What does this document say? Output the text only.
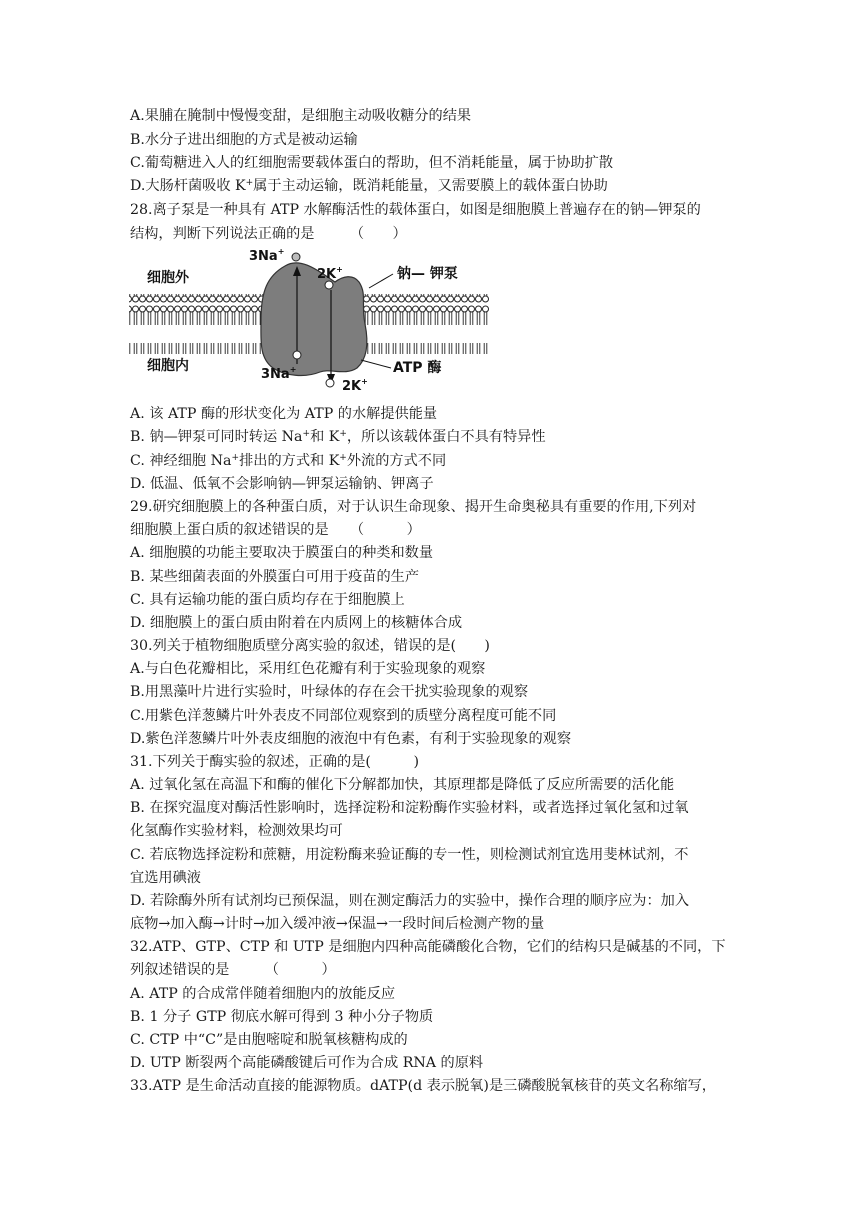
A.果脯在腌制中慢慢变甜，是细胞主动吸收糖分的结果
B.水分子进出细胞的方式是被动运输
C.葡萄糖进入人的红细胞需要载体蛋白的帮助，但不消耗能量，属于协助扩散
D.大肠杆菌吸收 K+属于主动运输，既消耗能量，又需要膜上的载体蛋白协助
28.离子泵是一种具有 ATP 水解酶活性的载体蛋白，如图是细胞膜上普遍存在的钠—钾泵的
结构，判断下列说法正确的是　　　（　　）
3Na+
2K+
细胞外	钠— 钾泵
细胞内	ATP 酶
3Na+
2K+
A. 该 ATP 酶的形状变化为 ATP 的水解提供能量
B. 钠—钾泵可同时转运 Na+和 K+，所以该载体蛋白不具有特异性
C. 神经细胞 Na+排出的方式和 K+外流的方式不同
D. 低温、低氧不会影响钠—钾泵运输钠、钾离子
29.研究细胞膜上的各种蛋白质，对于认识生命现象、揭开生命奥秘具有重要的作用,下列对
细胞膜上蛋白质的叙述错误的是　　（　　　）
A. 细胞膜的功能主要取决于膜蛋白的种类和数量
B. 某些细菌表面的外膜蛋白可用于疫苗的生产
C. 具有运输功能的蛋白质均存在于细胞膜上
D. 细胞膜上的蛋白质由附着在内质网上的核糖体合成
30.列关于植物细胞质壁分离实验的叙述，错误的是(　　)
A.与白色花瓣相比，采用红色花瓣有利于实验现象的观察
B.用黑藻叶片进行实验时，叶绿体的存在会干扰实验现象的观察
C.用紫色洋葱鳞片叶外表皮不同部位观察到的质壁分离程度可能不同
D.紫色洋葱鳞片叶外表皮细胞的液泡中有色素，有利于实验现象的观察
31.下列关于酶实验的叙述，正确的是(　　　)
A. 过氧化氢在高温下和酶的催化下分解都加快，其原理都是降低了反应所需要的活化能
B. 在探究温度对酶活性影响时，选择淀粉和淀粉酶作实验材料，或者选择过氧化氢和过氧
化氢酶作实验材料，检测效果均可
C. 若底物选择淀粉和蔗糖，用淀粉酶来验证酶的专一性，则检测试剂宜选用斐林试剂，不
宜选用碘液
D. 若除酶外所有试剂均已预保温，则在测定酶活力的实验中，操作合理的顺序应为：加入
底物→加入酶→计时→加入缓冲液→保温→一段时间后检测产物的量
32.ATP、GTP、CTP 和 UTP 是细胞内四种高能磷酸化合物，它们的结构只是碱基的不同，下
列叙述错误的是　　　（　　　）
A. ATP 的合成常伴随着细胞内的放能反应
B. 1 分子 GTP 彻底水解可得到 3 种小分子物质
C. CTP 中“C”是由胞嘧啶和脱氧核糖构成的
D. UTP 断裂两个高能磷酸键后可作为合成 RNA 的原料
33.ATP 是生命活动直接的能源物质。dATP(d 表示脱氧)是三磷酸脱氧核苷的英文名称缩写，
